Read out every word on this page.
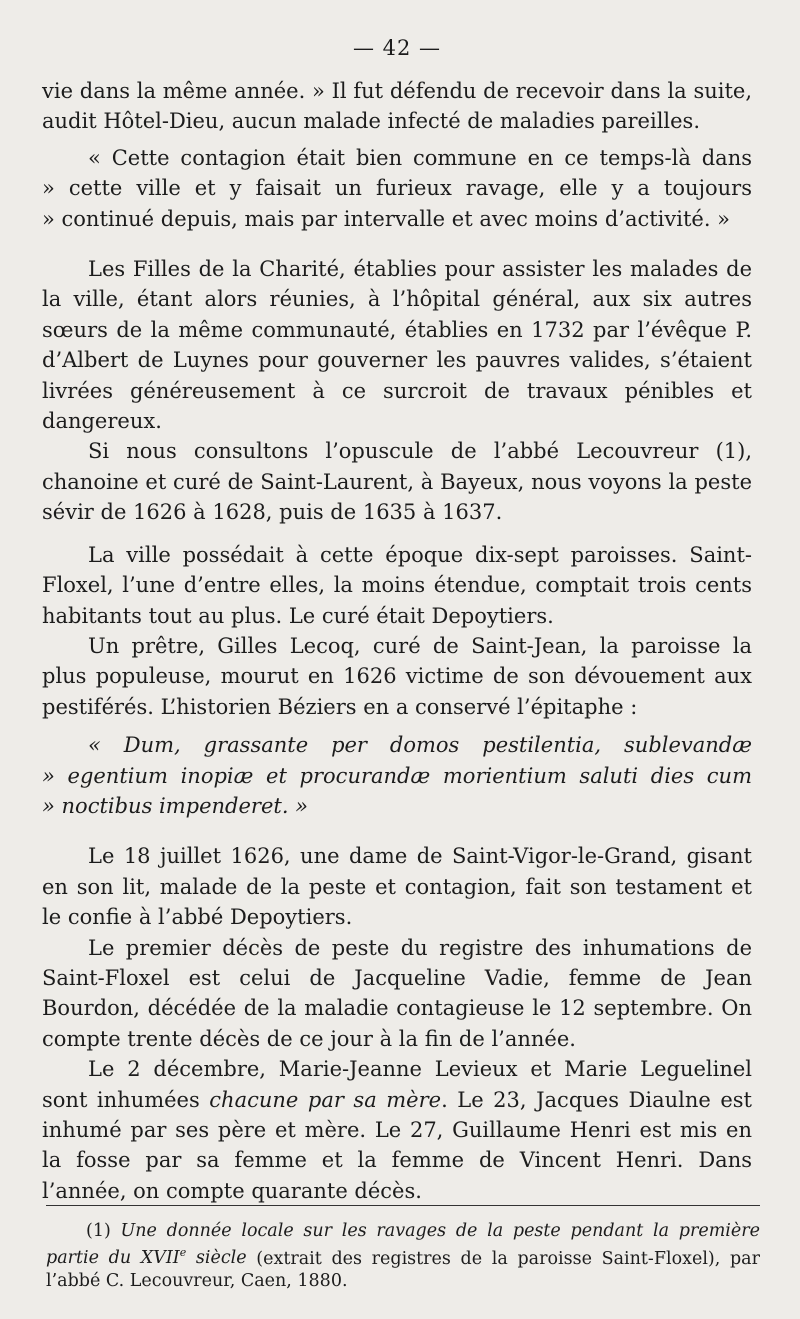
— 42 —

vie dans la même année. » Il fut défendu de recevoir dans la suite, audit Hôtel-Dieu, aucun malade infecté de maladies pareilles.

« Cette contagion était bien commune en ce temps-là dans
» cette ville et y faisait un furieux ravage, elle y a toujours
» continué depuis, mais par intervalle et avec moins d’activité. »

Les Filles de la Charité, établies pour assister les malades de la ville, étant alors réunies, à l’hôpital général, aux six autres sœurs de la même communauté, établies en 1732 par l’évêque P. d’Albert de Luynes pour gouverner les pauvres valides, s’étaient livrées généreusement à ce surcroit de travaux pénibles et dangereux.

Si nous consultons l’opuscule de l’abbé Lecouvreur (1), chanoine et curé de Saint-Laurent, à Bayeux, nous voyons la peste sévir de 1626 à 1628, puis de 1635 à 1637.

La ville possédait à cette époque dix-sept paroisses. Saint-Floxel, l’une d’entre elles, la moins étendue, comptait trois cents habitants tout au plus. Le curé était Depoytiers.

Un prêtre, Gilles Lecoq, curé de Saint-Jean, la paroisse la plus populeuse, mourut en 1626 victime de son dévouement aux pestiférés. L’historien Béziers en a conservé l’épitaphe :

« Dum, grassante per domos pestilentia, sublevandæ
» egentium inopiæ et procurandæ morientium saluti dies cum
» noctibus impenderet. »

Le 18 juillet 1626, une dame de Saint-Vigor-le-Grand, gisant en son lit, malade de la peste et contagion, fait son testament et le confie à l’abbé Depoytiers.

Le premier décès de peste du registre des inhumations de Saint-Floxel est celui de Jacqueline Vadie, femme de Jean Bourdon, décédée de la maladie contagieuse le 12 septembre. On compte trente décès de ce jour à la fin de l’année.

Le 2 décembre, Marie-Jeanne Levieux et Marie Leguelinel sont inhumées chacune par sa mère. Le 23, Jacques Diaulne est inhumé par ses père et mère. Le 27, Guillaume Henri est mis en la fosse par sa femme et la femme de Vincent Henri. Dans l’année, on compte quarante décès.

(1) Une donnée locale sur les ravages de la peste pendant la première partie du XVIIe siècle (extrait des registres de la paroisse Saint-Floxel), par l’abbé C. Lecouvreur, Caen, 1880.
